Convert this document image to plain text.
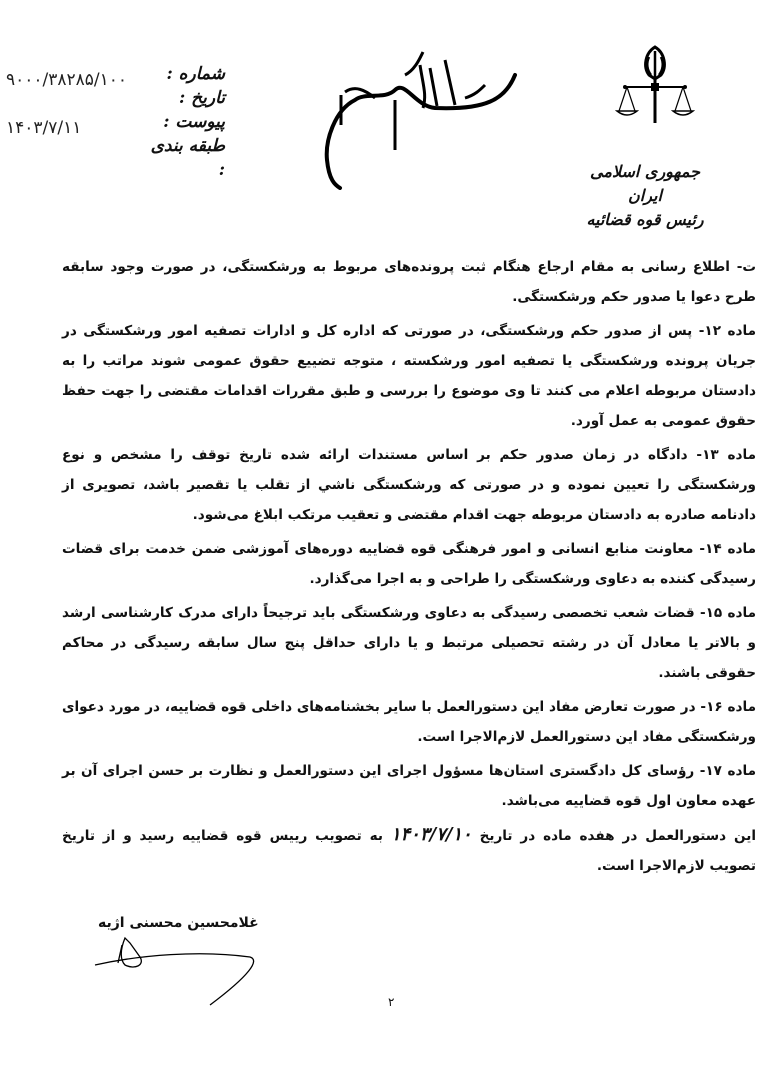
جمهوری اسلامی ایران
رئیس قوه قضائیه
شماره :
تاریخ :
پیوست :
طبقه بندی :
۹۰۰۰/۳۸۲۸۵/۱۰۰
۱۴۰۳/۷/۱۱

ت- اطلاع رسانی به مقام ارجاع هنگام ثبت پرونده‌های مربوط به ورشکستگی، در صورت وجود سابقه طرح دعوا یا صدور حکم ورشکستگی.

ماده ۱۲- پس از صدور حکم ورشکستگی، در صورتی که اداره کل و ادارات تصفیه امور ورشکستگی در جریان پرونده ورشکستگی یا تصفیه امور ورشکسته ، متوجه تضییع حقوق عمومی شوند مراتب را به دادستان مربوطه اعلام می کنند تا وی موضوع را بررسی و طبق مقررات اقدامات مقتضی را جهت حفظ حقوق عمومی به عمل آورد.

ماده ۱۳- دادگاه در زمان صدور حکم بر اساس مستندات ارائه شده تاریخ توقف را مشخص و نوع ورشکستگی را تعیین نموده و در صورتی که ورشکستگی ناشي از تقلب یا تقصیر باشد، تصویری از دادنامه صادره به دادستان مربوطه جهت اقدام مقتضی و تعقیب مرتکب ابلاغ می‌شود.

ماده ۱۴- معاونت منابع انسانی و امور فرهنگی قوه قضاییه دوره‌های آموزشی ضمن خدمت برای قضات رسیدگی کننده به دعاوی ورشکستگی را طراحی و به اجرا می‌گذارد.

ماده ۱۵- قضات شعب تخصصی رسیدگی به دعاوی ورشکستگی باید ترجیحاً دارای مدرک کارشناسی ارشد و بالاتر یا معادل آن در رشته تحصیلی مرتبط و یا دارای حداقل پنج سال سابقه رسیدگی در محاکم حقوقی باشند.

ماده ۱۶- در صورت تعارض مفاد این دستورالعمل با سایر بخشنامه‌های داخلی قوه قضاییه، در مورد دعوای ورشکستگی مفاد این دستورالعمل لازم‌الاجرا است.

ماده ۱۷- رؤسای کل دادگستری استان‌ها مسؤول اجرای این دستورالعمل و نظارت بر حسن اجرای آن بر عهده معاون اول قوه قضاییه می‌باشد.

این دستورالعمل در هفده ماده در تاریخ ۱۴۰۳/۷/۱۰ به تصویب رییس قوه قضاییه رسید و از تاریخ تصویب لازم‌الاجرا است.

غلامحسین محسنی اژیه
۲
